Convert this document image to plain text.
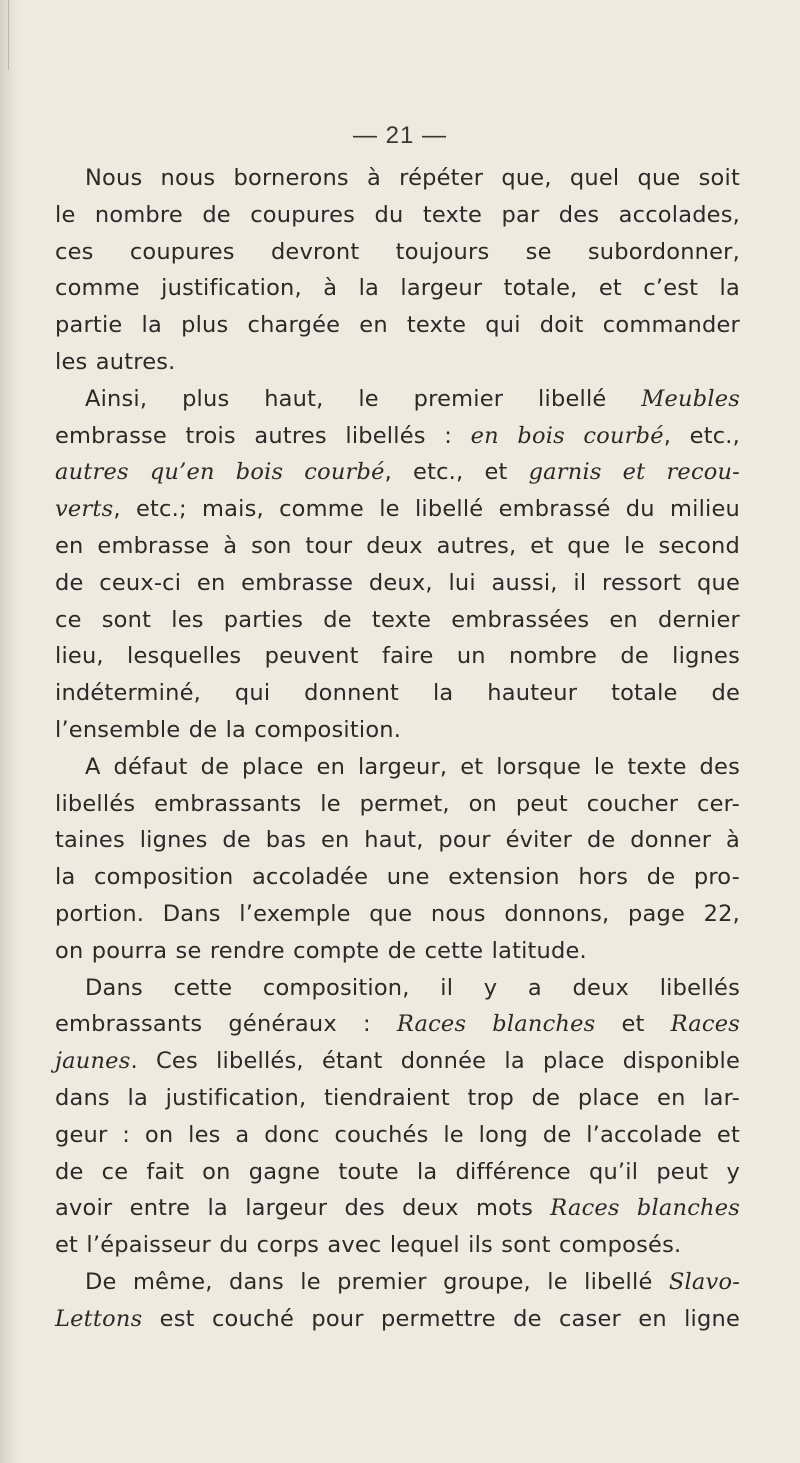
— 21 —
Nous nous bornerons à répéter que, quel que soit
le nombre de coupures du texte par des accolades,
ces coupures devront toujours se subordonner,
comme justification, à la largeur totale, et c’est la
partie la plus chargée en texte qui doit commander
les autres.
Ainsi, plus haut, le premier libellé Meubles
embrasse trois autres libellés : en bois courbé, etc.,
autres qu’en bois courbé, etc., et garnis et recou-
verts, etc.; mais, comme le libellé embrassé du milieu
en embrasse à son tour deux autres, et que le second
de ceux-ci en embrasse deux, lui aussi, il ressort que
ce sont les parties de texte embrassées en dernier
lieu, lesquelles peuvent faire un nombre de lignes
indéterminé, qui donnent la hauteur totale de
l’ensemble de la composition.
A défaut de place en largeur, et lorsque le texte des
libellés embrassants le permet, on peut coucher cer-
taines lignes de bas en haut, pour éviter de donner à
la composition accoladée une extension hors de pro-
portion. Dans l’exemple que nous donnons, page 22,
on pourra se rendre compte de cette latitude.
Dans cette composition, il y a deux libellés
embrassants généraux : Races blanches et Races
jaunes. Ces libellés, étant donnée la place disponible
dans la justification, tiendraient trop de place en lar-
geur : on les a donc couchés le long de l’accolade et
de ce fait on gagne toute la différence qu’il peut y
avoir entre la largeur des deux mots Races blanches
et l’épaisseur du corps avec lequel ils sont composés.
De même, dans le premier groupe, le libellé Slavo-
Lettons est couché pour permettre de caser en ligne
